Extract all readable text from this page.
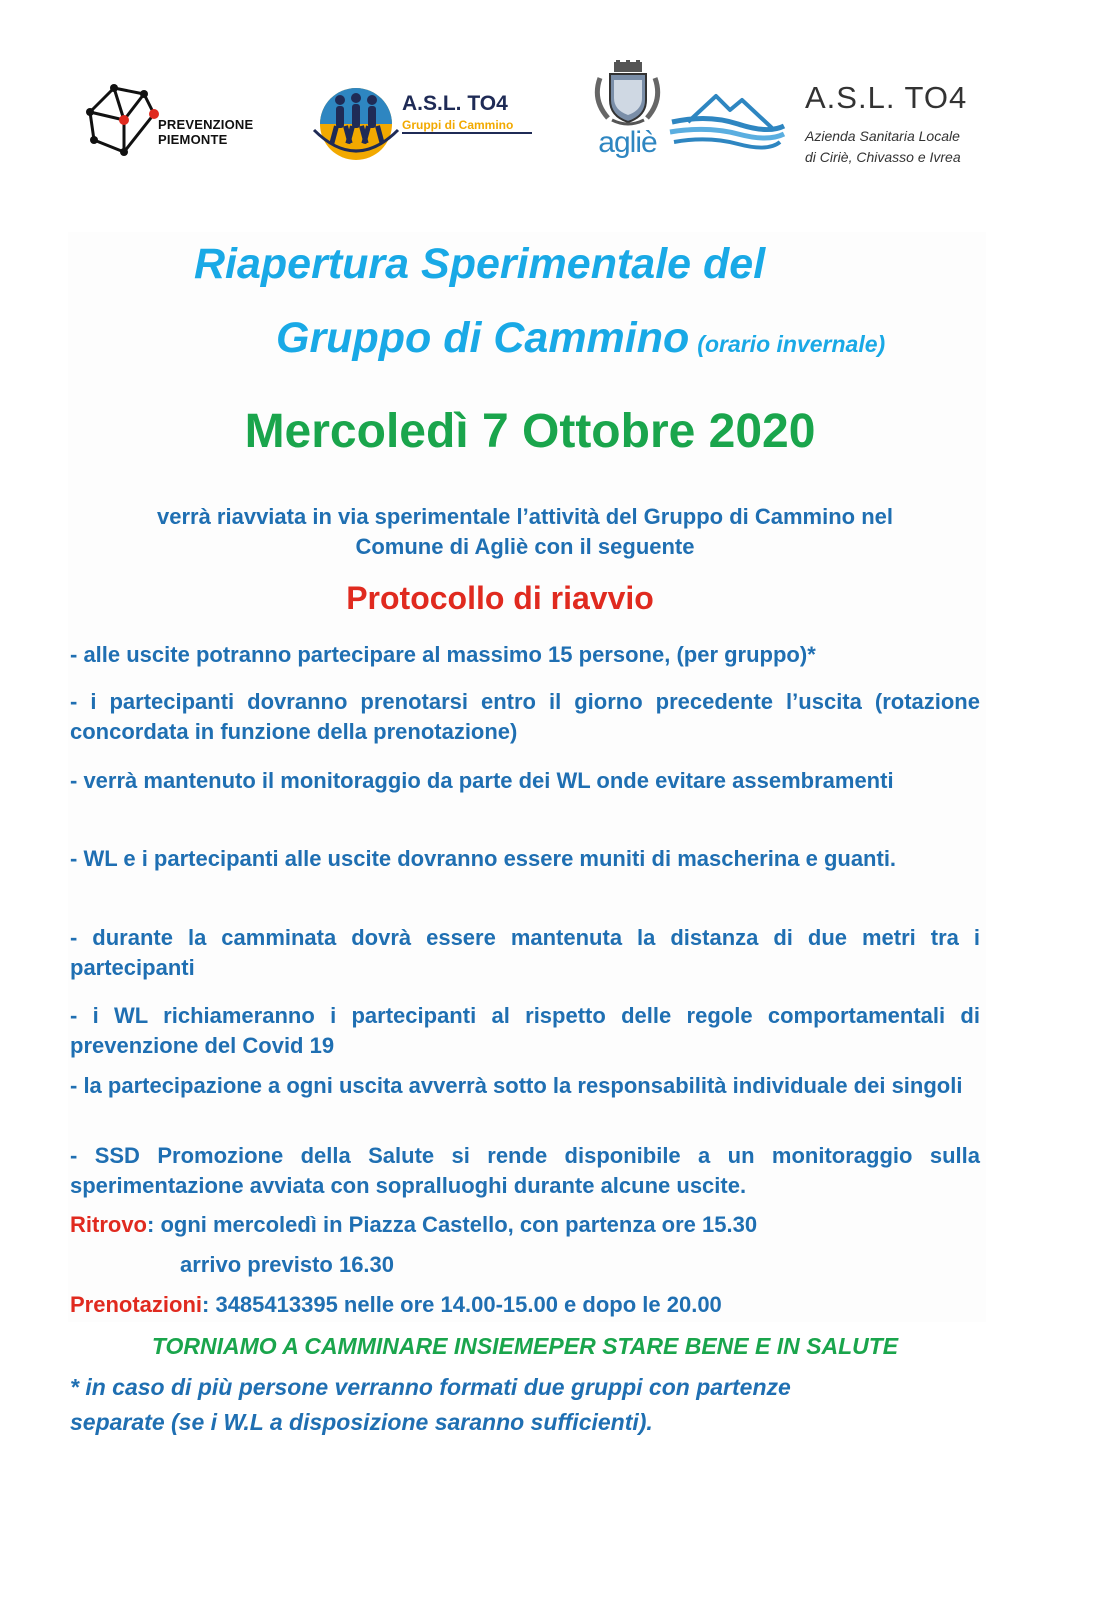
PREVENZIONE
PIEMONTE
A.S.L. TO4
Gruppi di Cammino
agliè
A.S.L. TO4
Azienda Sanitaria Locale
di Ciriè, Chivasso e Ivrea
Riapertura Sperimentale del
Gruppo di Cammino (orario invernale)
Mercoledì 7 Ottobre 2020
verrà riavviata in via sperimentale l’attività del Gruppo di Cammino nel
Comune di Agliè con il seguente
Protocollo di riavvio

- alle uscite potranno partecipare al massimo 15 persone, (per gruppo)*

- i partecipanti dovranno prenotarsi entro il giorno precedente l’uscita (rotazione concordata in funzione della prenotazione)

- verrà mantenuto il monitoraggio da parte dei WL onde evitare assembramenti

- WL e i partecipanti alle uscite dovranno essere muniti di mascherina e guanti.

- durante la camminata dovrà essere mantenuta la distanza di due metri tra i partecipanti

- i WL richiameranno i partecipanti al rispetto delle regole comportamentali di prevenzione del Covid 19

- la partecipazione a ogni uscita avverrà sotto la responsabilità individuale dei singoli

- SSD Promozione della Salute si rende disponibile a un monitoraggio sulla sperimentazione avviata con sopralluoghi durante alcune uscite.

Ritrovo: ogni mercoledì in Piazza Castello, con partenza ore 15.30
arrivo previsto 16.30
Prenotazioni: 3485413395 nelle ore 14.00-15.00 e dopo le 20.00
TORNIAMO A CAMMINARE INSIEMEPER STARE BENE E IN SALUTE
* in caso di più persone verranno formati due gruppi con partenze
separate (se i W.L a disposizione saranno sufficienti).
